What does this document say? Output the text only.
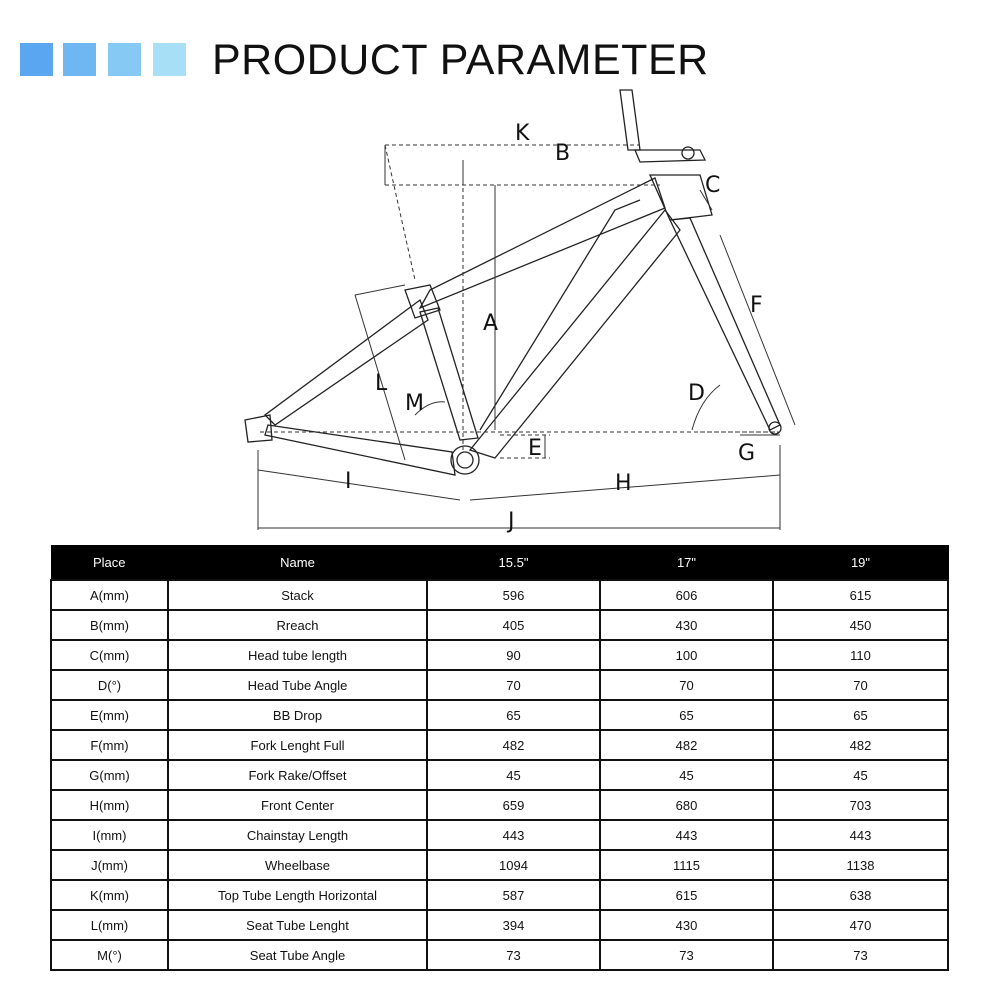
PRODUCT PARAMETER
K
B
C
A
F
D
G
E
L
M
I	H
J
Place	Name	15.5"	17"	19"
A(mm)	Stack	596	606	615
B(mm)	Rreach	405	430	450
C(mm)	Head tube length	90	100	110
D(°)	Head Tube Angle	70	70	70
E(mm)	BB Drop	65	65	65
F(mm)	Fork Lenght Full	482	482	482
G(mm)	Fork Rake/Offset	45	45	45
H(mm)	Front Center	659	680	703
I(mm)	Chainstay Length	443	443	443
J(mm)	Wheelbase	1094	1115	1138
K(mm)	Top Tube Length Horizontal	587	615	638
L(mm)	Seat Tube Lenght	394	430	470
M(°)	Seat Tube Angle	73	73	73
